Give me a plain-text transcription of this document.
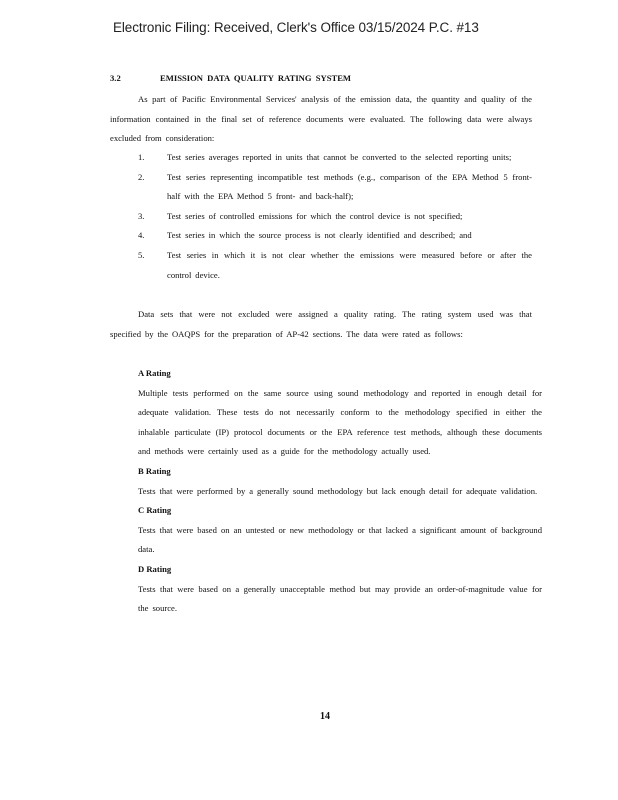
Electronic Filing: Received, Clerk's Office 03/15/2024 P.C. #13
3.2	EMISSION DATA QUALITY RATING SYSTEM

As part of Pacific Environmental Services' analysis of the emission data, the quantity and quality of the information contained in the final set of reference documents were evaluated. The following data were always excluded from consideration:

1.	Test series averages reported in units that cannot be converted to the selected reporting units;
2.	Test series representing incompatible test methods (e.g., comparison of the EPA Method 5 front-half with the EPA Method 5 front- and back-half);
3.	Test series of controlled emissions for which the control device is not specified;
4.	Test series in which the source process is not clearly identified and described; and
5.	Test series in which it is not clear whether the emissions were measured before or after the control device.

Data sets that were not excluded were assigned a quality rating. The rating system used was that specified by the OAQPS for the preparation of AP-42 sections. The data were rated as follows:

A Rating

Multiple tests performed on the same source using sound methodology and reported in enough detail for adequate validation. These tests do not necessarily conform to the methodology specified in either the inhalable particulate (IP) protocol documents or the EPA reference test methods, although these documents and methods were certainly used as a guide for the methodology actually used.

B Rating

Tests that were performed by a generally sound methodology but lack enough detail for adequate validation.

C Rating

Tests that were based on an untested or new methodology or that lacked a significant amount of background data.

D Rating

Tests that were based on a generally unacceptable method but may provide an order-of-magnitude value for the source.

14
